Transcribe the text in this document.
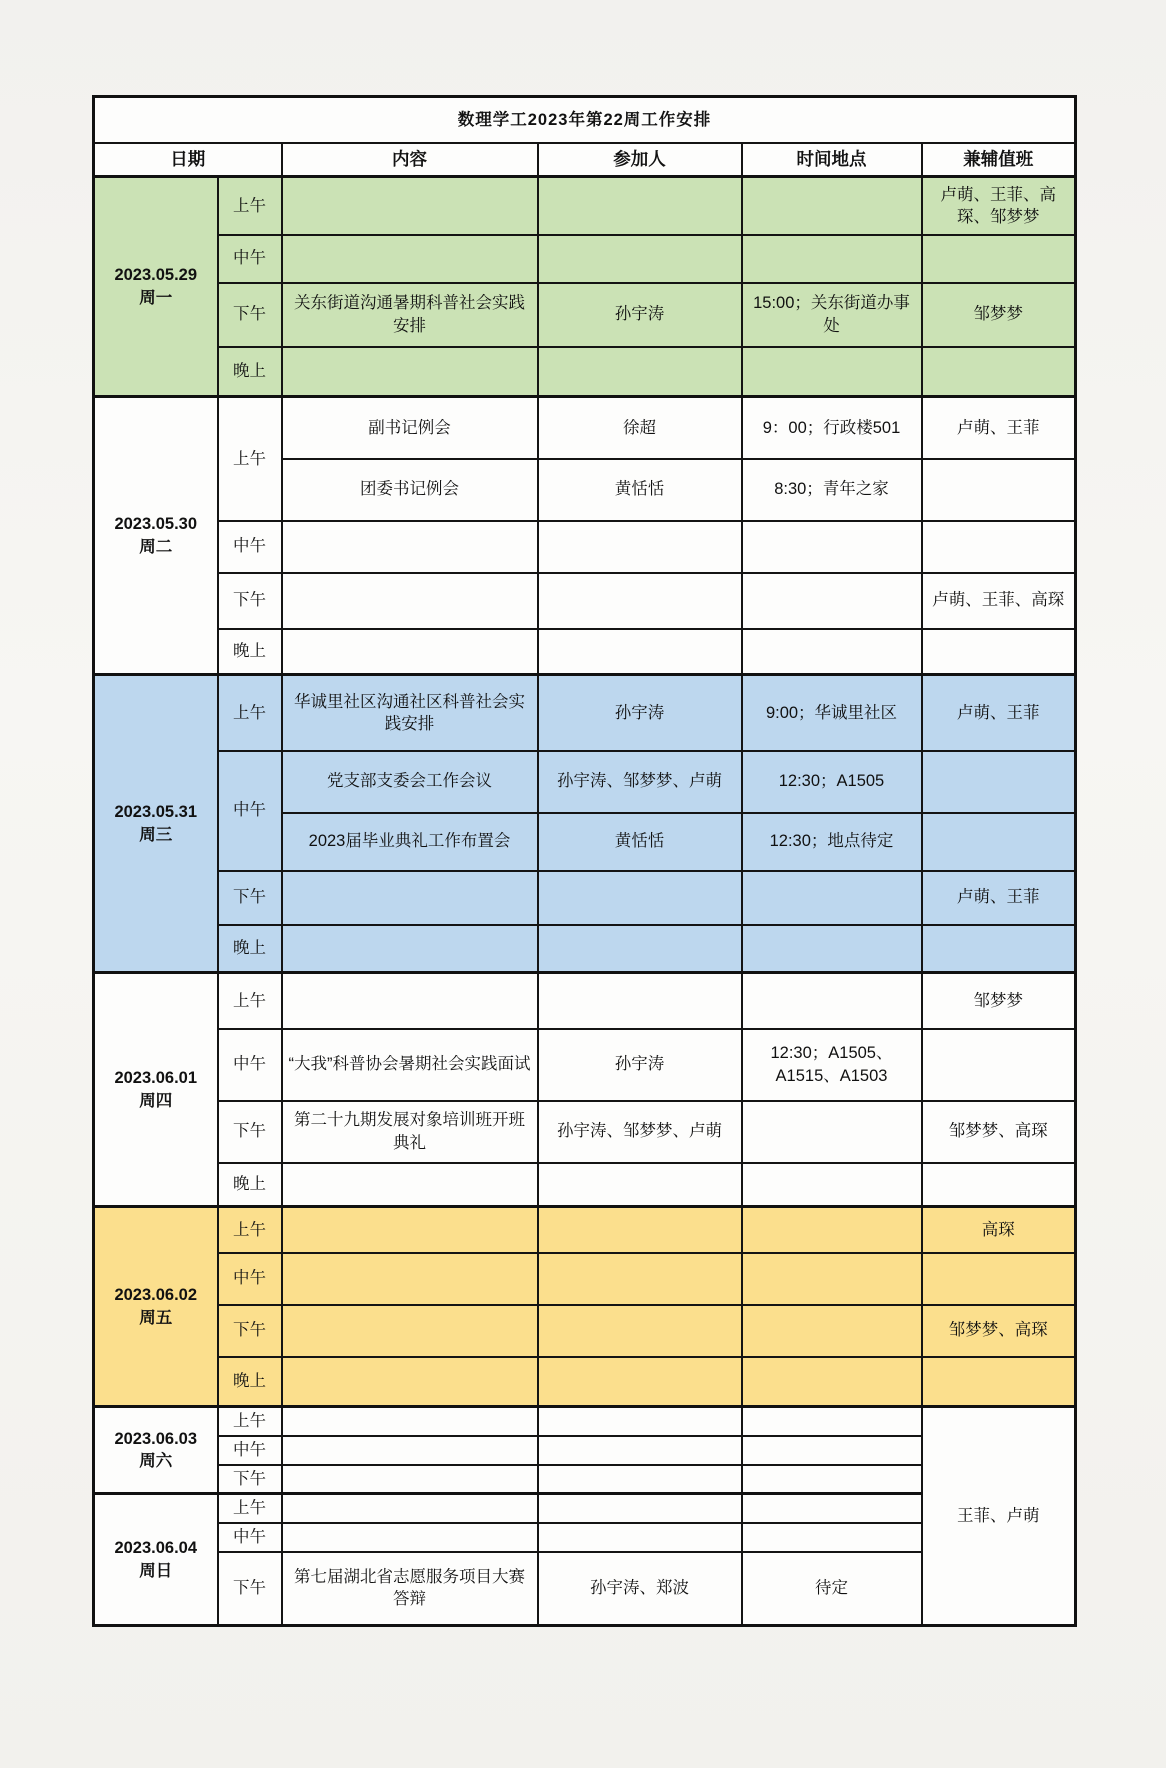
数理学工2023年第22周工作安排					
日期		内容	参加人	时间地点	兼辅值班

2023.05.29
周一	上午				卢萌、王菲、高琛、邹梦梦
	中午				
	下午	关东街道沟通暑期科普社会实践安排	孙宇涛	15:00；关东街道办事处	邹梦梦
	晚上				

2023.05.30
周二	上午	副书记例会	徐超	9：00；行政楼501	卢萌、王菲
		团委书记例会	黄恬恬	8:30；青年之家	
	中午				
	下午				卢萌、王菲、高琛
	晚上				

2023.05.31
周三	上午	华诚里社区沟通社区科普社会实践安排	孙宇涛	9:00；华诚里社区	卢萌、王菲
	中午	党支部支委会工作会议	孙宇涛、邹梦梦、卢萌	12:30；A1505	
		2023届毕业典礼工作布置会	黄恬恬	12:30；地点待定	
	下午				卢萌、王菲
	晚上				

2023.06.01
周四	上午				邹梦梦
	中午	“大我”科普协会暑期社会实践面试	孙宇涛	12:30；A1505、A1515、A1503	
	下午	第二十九期发展对象培训班开班典礼	孙宇涛、邹梦梦、卢萌		邹梦梦、高琛
	晚上				

2023.06.02
周五	上午				高琛
	中午				
	下午				邹梦梦、高琛
	晚上				

2023.06.03
周六	上午				王菲、卢萌
	中午				
	下午				

2023.06.04
周日	上午				
	中午				
	下午	第七届湖北省志愿服务项目大赛答辩	孙宇涛、郑波	待定	
